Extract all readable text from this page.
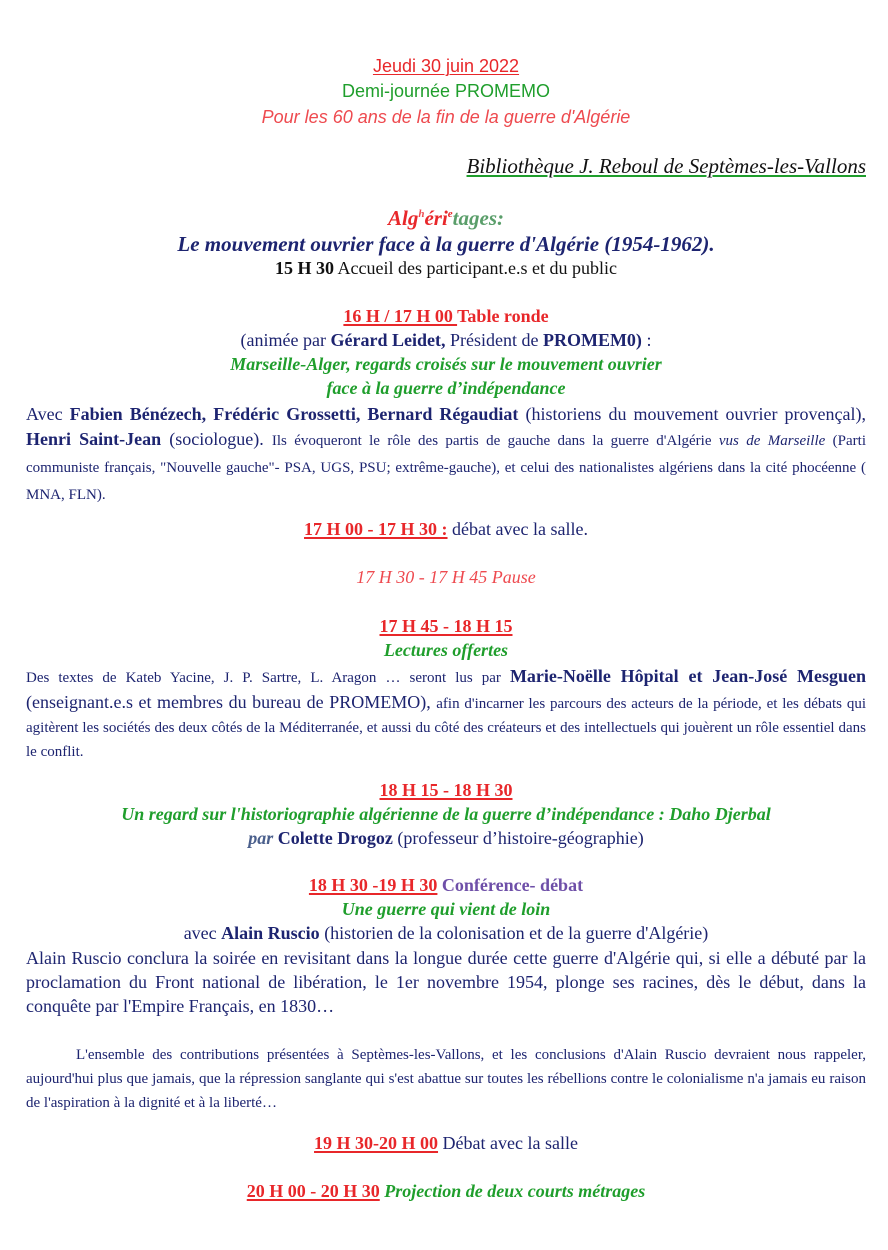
Jeudi 30 juin 2022
Demi-journée PROMEMO
Pour les 60 ans de la fin de la guerre d'Algérie
Bibliothèque J. Reboul de Septèmes-les-Vallons
Alg$^h$éri$^e$tages:
Le mouvement ouvrier face à la guerre d'Algérie (1954-1962).
15 H 30 Accueil des participant.e.s et du public
16 H / 17 H 00 Table ronde
(animée par Gérard Leidet, Président de PROMEM0) :
Marseille-Alger, regards croisés sur le mouvement ouvrier
face à la guerre d’indépendance
Avec Fabien Bénézech, Frédéric Grossetti, Bernard Régaudiat (historiens du mouvement ouvrier provençal), Henri Saint-Jean (sociologue). Ils évoqueront le rôle des partis de gauche dans la guerre d'Algérie vus de Marseille (Parti communiste français, "Nouvelle gauche"- PSA, UGS, PSU; extrême-gauche), et celui des nationalistes algériens dans la cité phocéenne ( MNA, FLN).
17 H 00 - 17 H 30 : débat avec la salle.
17 H 30 - 17 H 45 Pause
17 H 45 - 18 H 15
Lectures offertes
Des textes de Kateb Yacine, J. P. Sartre, L. Aragon … seront lus par Marie-Noëlle Hôpital et Jean-José Mesguen (enseignant.e.s et membres du bureau de PROMEMO), afin d'incarner les parcours des acteurs de la période, et les débats qui agitèrent les sociétés des deux côtés de la Méditerranée, et aussi du côté des créateurs et des intellectuels qui jouèrent un rôle essentiel dans le conflit.
18 H 15 - 18 H 30
Un regard sur l'historiographie algérienne de la guerre d’indépendance : Daho Djerbal
par Colette Drogoz (professeur d’histoire-géographie)
18 H 30 -19 H 30 Conférence- débat
Une guerre qui vient de loin
avec Alain Ruscio (historien de la colonisation et de la guerre d'Algérie)
Alain Ruscio conclura la soirée en revisitant dans la longue durée cette guerre d'Algérie qui, si elle a débuté par la proclamation du Front national de libération, le 1er novembre 1954, plonge ses racines, dès le début, dans la conquête par l'Empire Français, en 1830…
L'ensemble des contributions présentées à Septèmes-les-Vallons, et les conclusions d'Alain Ruscio devraient nous rappeler, aujourd'hui plus que jamais, que la répression sanglante qui s'est abattue sur toutes les rébellions contre le colonialisme n'a jamais eu raison de l'aspiration à la dignité et à la liberté…
19 H 30-20 H 00 Débat avec la salle
20 H 00 - 20 H 30 Projection de deux courts métrages
